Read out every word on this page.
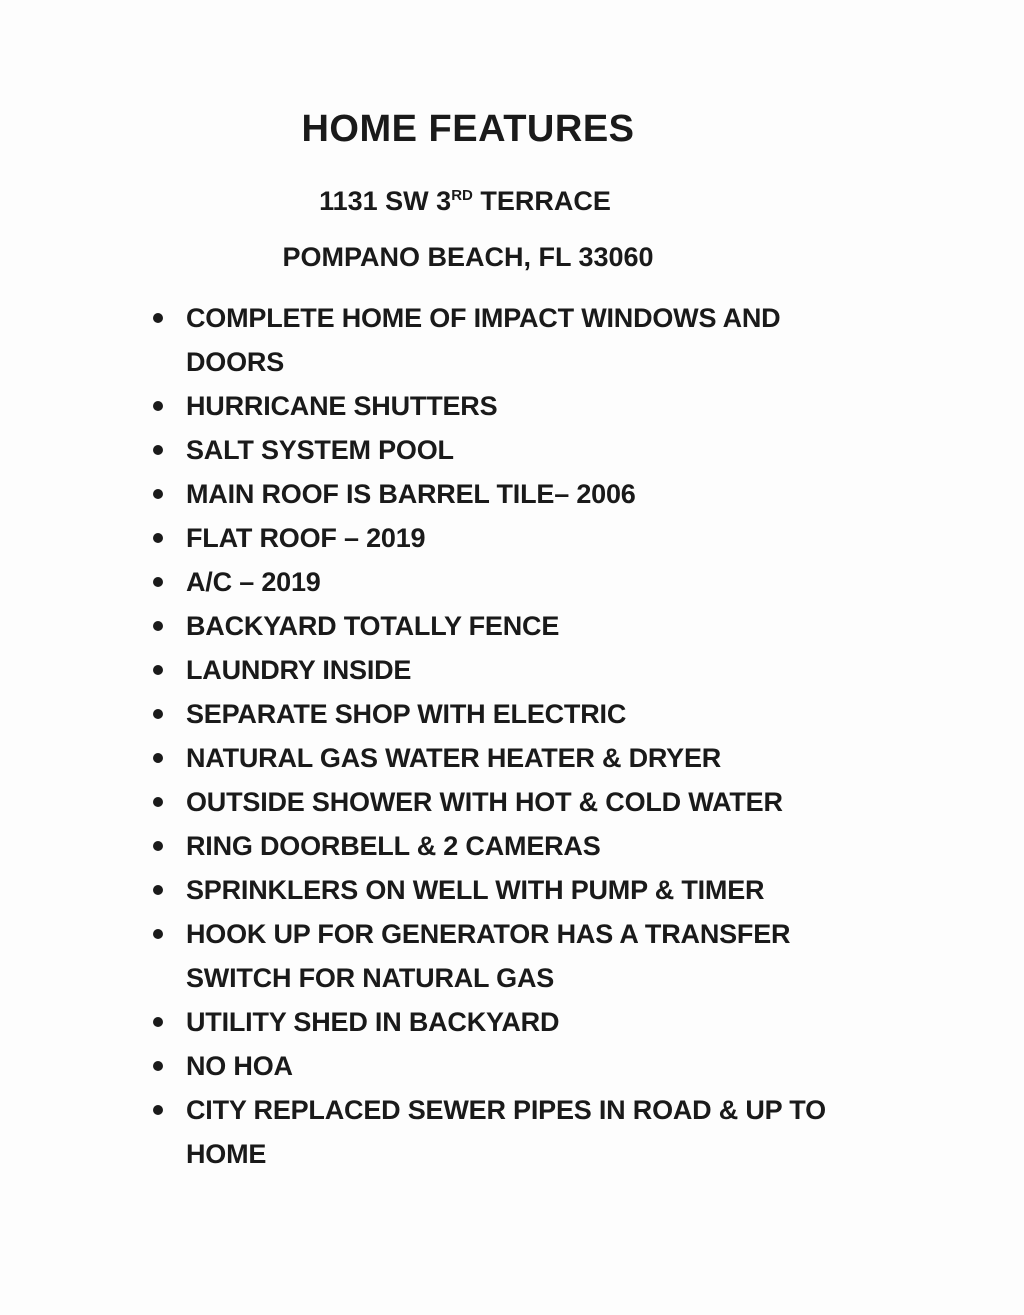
HOME FEATURES

1131 SW 3RD TERRACE

POMPANO BEACH, FL 33060

COMPLETE HOME OF IMPACT WINDOWS AND DOORS
HURRICANE SHUTTERS
SALT SYSTEM POOL
MAIN ROOF IS BARREL TILE– 2006
FLAT ROOF – 2019
A/C – 2019
BACKYARD TOTALLY FENCE
LAUNDRY INSIDE
SEPARATE SHOP WITH ELECTRIC
NATURAL GAS WATER HEATER & DRYER
OUTSIDE SHOWER WITH HOT & COLD WATER
RING DOORBELL & 2 CAMERAS
SPRINKLERS ON WELL WITH PUMP & TIMER
HOOK UP FOR GENERATOR HAS A TRANSFER SWITCH FOR NATURAL GAS
UTILITY SHED IN BACKYARD
NO HOA
CITY REPLACED SEWER PIPES IN ROAD & UP TO HOME
